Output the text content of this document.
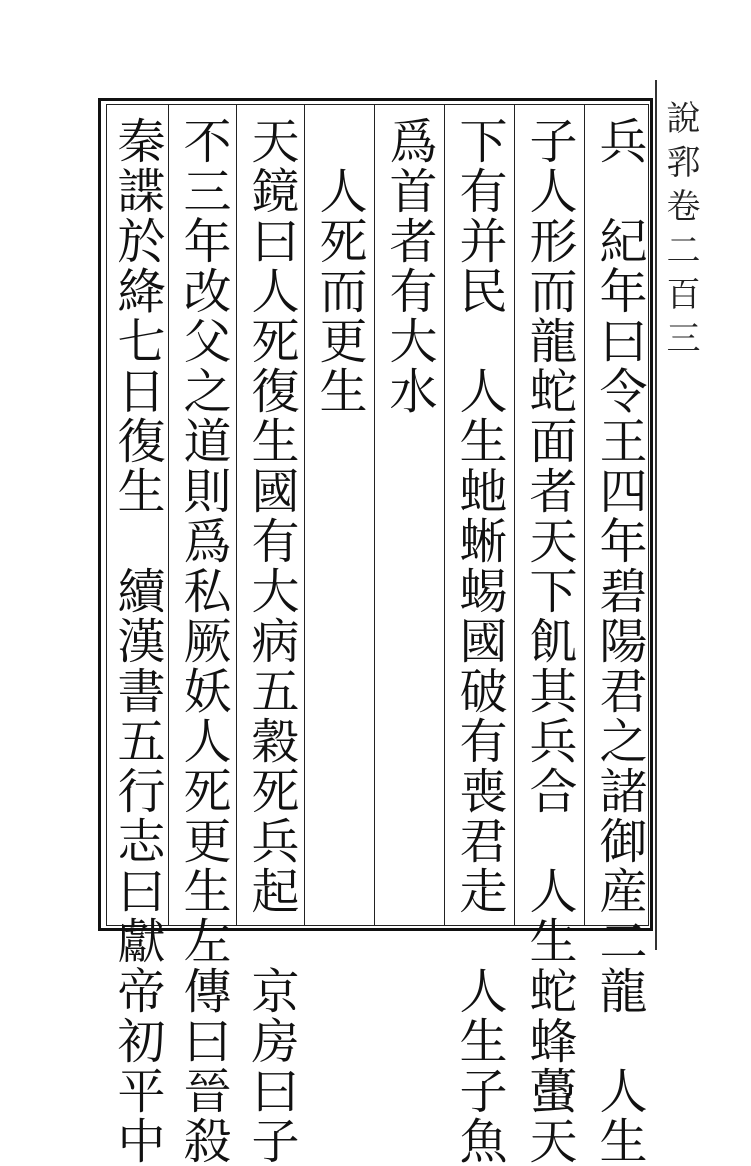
說郛卷二百三
兵　紀年曰令王四年碧陽君之諸御産二龍　人生
子人形而龍蛇面者天下飢其兵合　人生蛇蜂蠆天
下有并民　人生虵蜥蜴國破有喪君走　人生子魚
爲首者有大水
　人死而更生
天鏡曰人死復生國有大病五穀死兵起　京房曰子
不三年改父之道則爲私厥妖人死更生左傳曰晉殺
秦諜於絳七日復生　續漢書五行志曰獻帝初平中
